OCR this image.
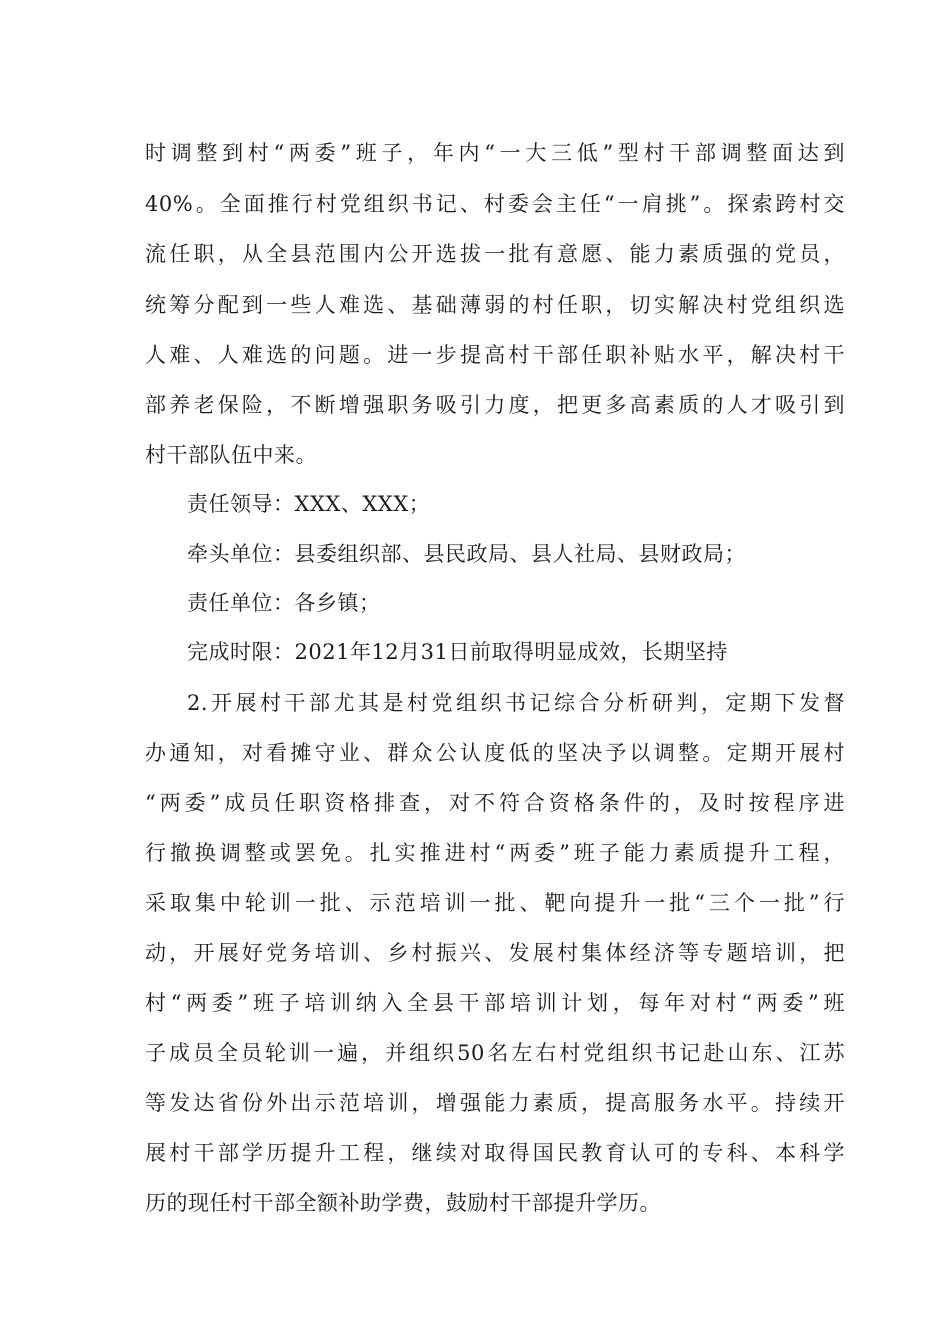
时调整到村“两委”班子，年内“一大三低”型村干部调整面达到
40%。全面推行村党组织书记、村委会主任“一肩挑”。探索跨村交
流任职，从全县范围内公开选拔一批有意愿、能力素质强的党员，
统筹分配到一些人难选、基础薄弱的村任职，切实解决村党组织选
人难、人难选的问题。进一步提高村干部任职补贴水平，解决村干
部养老保险，不断增强职务吸引力度，把更多高素质的人才吸引到
村干部队伍中来。
责任领导：XXX、XXX；
牵头单位：县委组织部、县民政局、县人社局、县财政局；
责任单位：各乡镇；
完成时限：2021年12月31日前取得明显成效，长期坚持
2.开展村干部尤其是村党组织书记综合分析研判，定期下发督
办通知，对看摊守业、群众公认度低的坚决予以调整。定期开展村
“两委”成员任职资格排查，对不符合资格条件的，及时按程序进
行撤换调整或罢免。扎实推进村“两委”班子能力素质提升工程，
采取集中轮训一批、示范培训一批、靶向提升一批“三个一批”行
动，开展好党务培训、乡村振兴、发展村集体经济等专题培训，把
村“两委”班子培训纳入全县干部培训计划，每年对村“两委”班
子成员全员轮训一遍，并组织50名左右村党组织书记赴山东、江苏
等发达省份外出示范培训，增强能力素质，提高服务水平。持续开
展村干部学历提升工程，继续对取得国民教育认可的专科、本科学
历的现任村干部全额补助学费，鼓励村干部提升学历。
